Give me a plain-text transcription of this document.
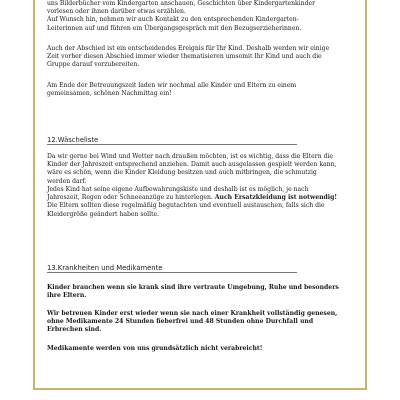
uns Bilderbücher vom Kindergarten anschauen, Geschichten über Kindergartenkinder

vorlesen oder ihnen darüber etwas erzählen.

Auf Wunsch hin, nehmen wir auch Kontakt zu den entsprechenden Kindergarten-

Leiterinnen auf und führen ein Übergangsgespräch mit den Bezugserzieherinnen.

Auch der Abschied ist ein entscheidendes Ereignis für Ihr Kind. Deshalb werden wir einige

Zeit vorher diesen Abschied immer wieder thematisieren umsomit Ihr Kind und auch die

Gruppe darauf vorzubereiten.

Am Ende der Betreuungszeit laden wir nochmal alle Kinder und Eltern zu einem

gemeinsamen, schönen Nachmittag ein!

12.Wäscheliste

Da wir gerne bei Wind und Wetter nach draußen möchten, ist es wichtig, dass die Eltern die

Kinder der Jahreszeit entsprechend anziehen. Damit auch ausgelassen gespielt werden kann,

wäre es schön, wenn die Kinder Kleidung besitzen und auch mitbringen, die schmutzig

werden darf.

Jedes Kind hat seine eigene Aufbewahrungskiste und deshalb ist es möglich, je nach

Jahreszeit, Regen oder Schneeanzüge zu hinterlegen. Auch Ersatzkleidung ist notwendig!

Die Eltern sollten diese regelmäßig begutachten und eventuell austauschen, falls sich die

Kleidergröße geändert haben sollte.

13.Krankheiten und Medikamente

Kinder brauchen wenn sie krank sind ihre vertraute Umgebung, Ruhe und besonders

ihre Eltern.

Wir betreuen Kinder erst wieder wenn sie nach einer Krankheit vollständig genesen,

ohne Medikamente 24 Stunden fieberfrei und 48 Stunden ohne Durchfall und

Erbrechen sind.

Medikamente werden von uns grundsätzlich nicht verabreicht!
